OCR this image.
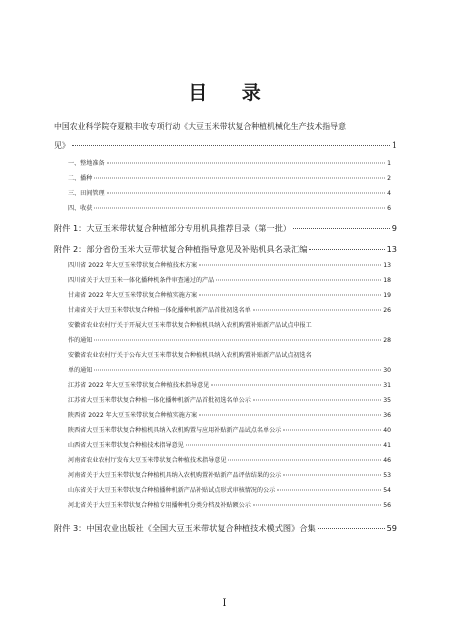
目 录
中国农业科学院夺夏粮丰收专项行动《大豆玉米带状复合种植机械化生产技术指导意
见》	1
一、整地准备	1
二、播种	2
三、田间管理	4
四、收获	6
附件 1：大豆玉米带状复合种植部分专用机具推荐目录（第一批）	9
附件 2：部分省份玉米大豆带状复合种植指导意见及补贴机具名录汇编	13
四川省 2022 年大豆玉米带状复合种植技术方案	13
四川省关于大豆玉米一体化播种机条件审查通过的产品	18
甘肃省 2022 年大豆玉米带状复合种植实施方案	19
甘肃省关于大豆玉米带状复合种植一体化播种机新产品首批初选名单	26
安徽省农业农村厅关于开展大豆玉米带状复合种植机具纳入农机购置补贴新产品试点申报工
作的通知	28
安徽省农业农村厅关于公布大豆玉米带状复合种植机具纳入农机购置补贴新产品试点初选名
单的通知	30
江苏省 2022 年大豆玉米带状复合种植技术指导意见	31
江苏省大豆玉米带状复合种植一体化播种机新产品首批初选名单公示	35
陕西省 2022 年大豆玉米带状复合种植实施方案	36
陕西省大豆玉米带状复合种植机具纳入农机购置与应用补贴新产品试点名单公示	40
山西省大豆玉米带状复合种植技术指导意见	41
河南省农业农村厅发布大豆玉米带状复合种植技术指导意见	46
河南省关于大豆玉米带状复合种植机具纳入农机购置补贴新产品评估结果的公示	53
山东省关于大豆玉米带状复合种植播种机新产品补贴试点形式审核情况的公示	54
河北省关于大豆玉米带状复合种植专用播种机分类分档及补贴额公示	56
附件 3：中国农业出版社《全国大豆玉米带状复合种植技术模式图》合集	59
I
